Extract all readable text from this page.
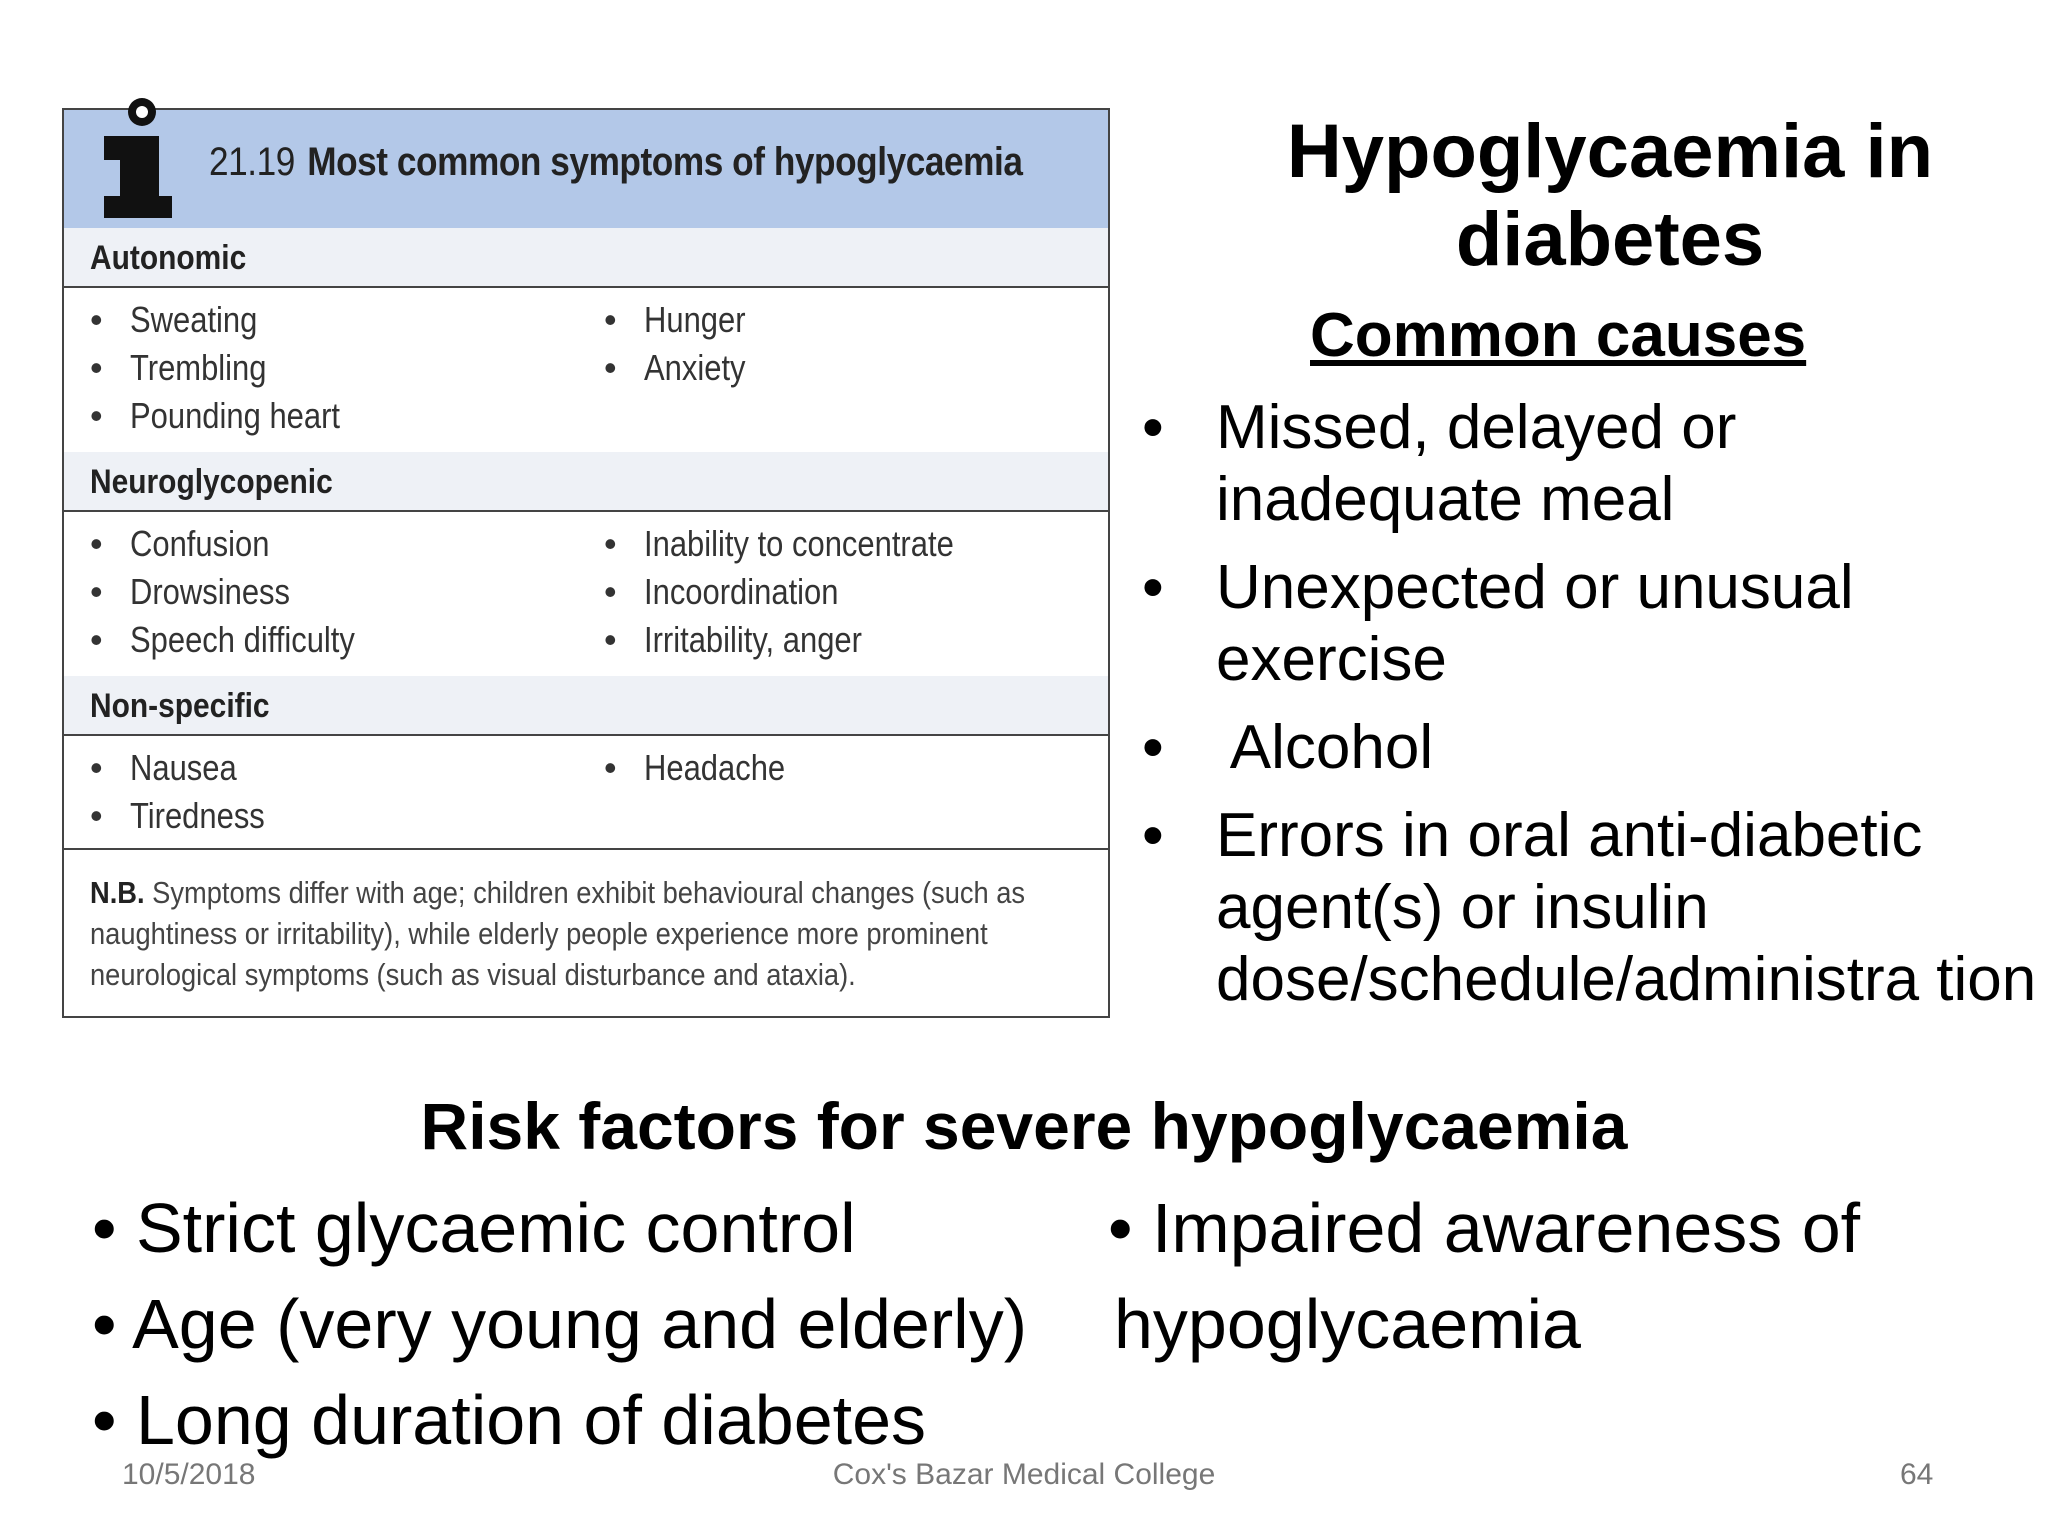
21.19 Most common symptoms of hypoglycaemia
Autonomic
• Sweating
• Trembling
• Pounding heart
• Hunger
• Anxiety
Neuroglycopenic
• Confusion
• Drowsiness
• Speech difficulty
• Inability to concentrate
• Incoordination
• Irritability, anger
Non-specific
• Nausea
• Tiredness
• Headache
N.B. Symptoms differ with age; children exhibit behavioural changes (such as naughtiness or irritability), while elderly people experience more prominent neurological symptoms (such as visual disturbance and ataxia).
Hypoglycaemia in
diabetes
Common causes
• Missed, delayed or inadequate meal
• Unexpected or unusual exercise
• Alcohol
• Errors in oral anti-diabetic agent(s) or insulin dose/schedule/administra tion
Risk factors for severe hypoglycaemia
• Strict glycaemic control
• Age (very young and elderly)
• Long duration of diabetes
• Impaired awareness of
hypoglycaemia
10/5/2018	Cox's Bazar Medical College	64
